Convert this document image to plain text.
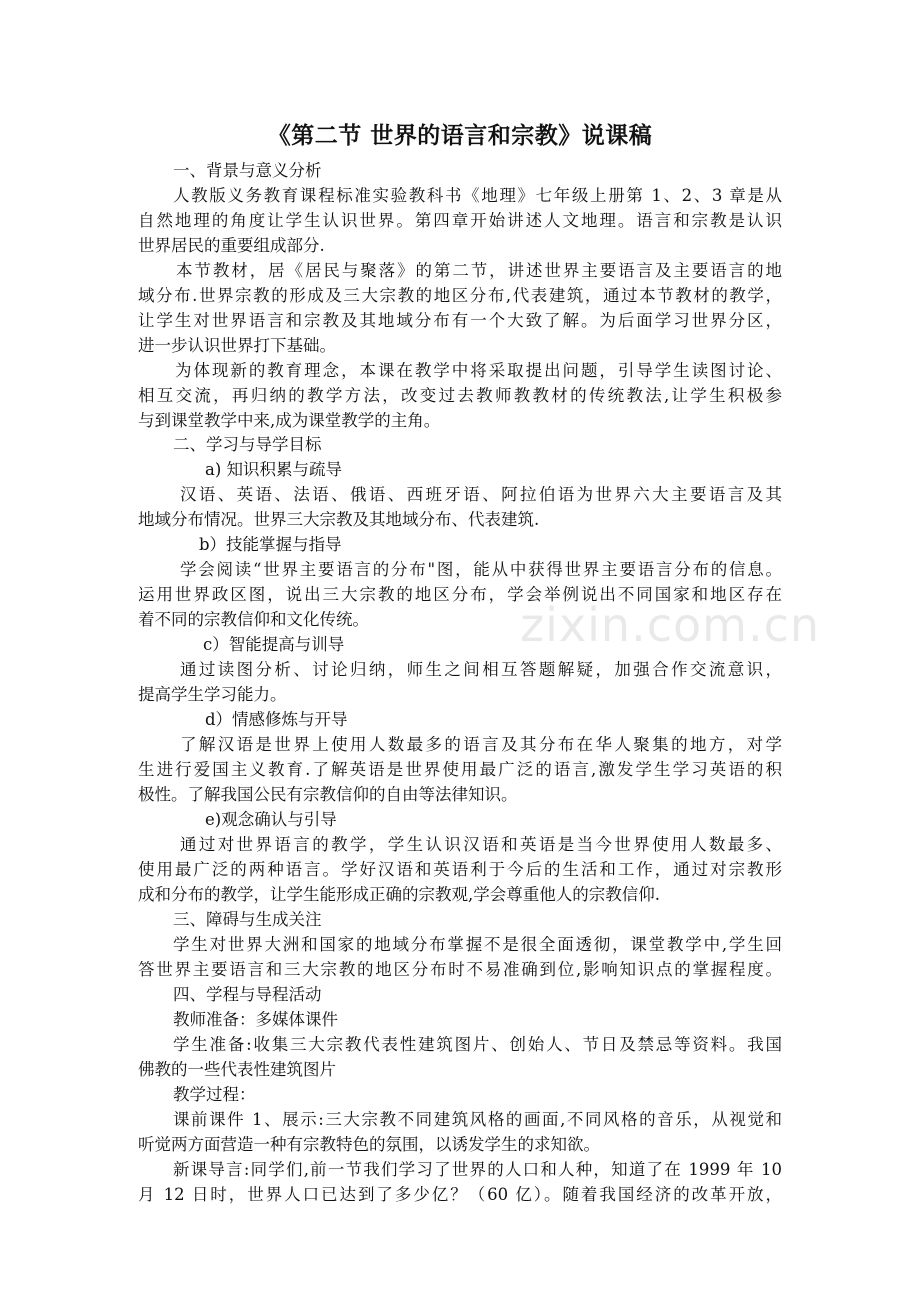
《第二节 世界的语言和宗教》说课稿
zixin.com.cn
一、背景与意义分析
人教版义务教育课程标准实验教科书《地理》七年级上册第 1、2、3 章是从
自然地理的角度让学生认识世界。第四章开始讲述人文地理。语言和宗教是认识
世界居民的重要组成部分.
本节教材，居《居民与聚落》的第二节，讲述世界主要语言及主要语言的地
域分布.世界宗教的形成及三大宗教的地区分布,代表建筑，通过本节教材的教学，
让学生对世界语言和宗教及其地域分布有一个大致了解。为后面学习世界分区，
进一步认识世界打下基础。
为体现新的教育理念，本课在教学中将采取提出问题，引导学生读图讨论、
相互交流，再归纳的教学方法，改变过去教师教教材的传统教法,让学生积极参
与到课堂教学中来,成为课堂教学的主角。
二、学习与导学目标
a) 知识积累与疏导
汉语、英语、法语、俄语、西班牙语、阿拉伯语为世界六大主要语言及其
地域分布情况。世界三大宗教及其地域分布、代表建筑.
b）技能掌握与指导
学会阅读“世界主要语言的分布"图，能从中获得世界主要语言分布的信息。
运用世界政区图，说出三大宗教的地区分布，学会举例说出不同国家和地区存在
着不同的宗教信仰和文化传统。
c）智能提高与训导
通过读图分析、讨论归纳，师生之间相互答题解疑，加强合作交流意识，
提高学生学习能力。
d）情感修炼与开导
了解汉语是世界上使用人数最多的语言及其分布在华人聚集的地方，对学
生进行爱国主义教育.了解英语是世界使用最广泛的语言,激发学生学习英语的积
极性。了解我国公民有宗教信仰的自由等法律知识。
e)观念确认与引导
通过对世界语言的教学，学生认识汉语和英语是当今世界使用人数最多、
使用最广泛的两种语言。学好汉语和英语利于今后的生活和工作，通过对宗教形
成和分布的教学，让学生能形成正确的宗教观,学会尊重他人的宗教信仰.
三、障碍与生成关注
学生对世界大洲和国家的地域分布掌握不是很全面透彻，课堂教学中,学生回
答世界主要语言和三大宗教的地区分布时不易准确到位,影响知识点的掌握程度。
四、学程与导程活动
教师准备：多媒体课件
学生准备:收集三大宗教代表性建筑图片、创始人、节日及禁忌等资料。我国
佛教的一些代表性建筑图片
教学过程：
课前课件 1、展示:三大宗教不同建筑风格的画面,不同风格的音乐，从视觉和
听觉两方面营造一种有宗教特色的氛围，以诱发学生的求知欲。
新课导言:同学们,前一节我们学习了世界的人口和人种，知道了在 1999 年 10
月 12 日时，世界人口已达到了多少亿？（60 亿）。随着我国经济的改革开放，
